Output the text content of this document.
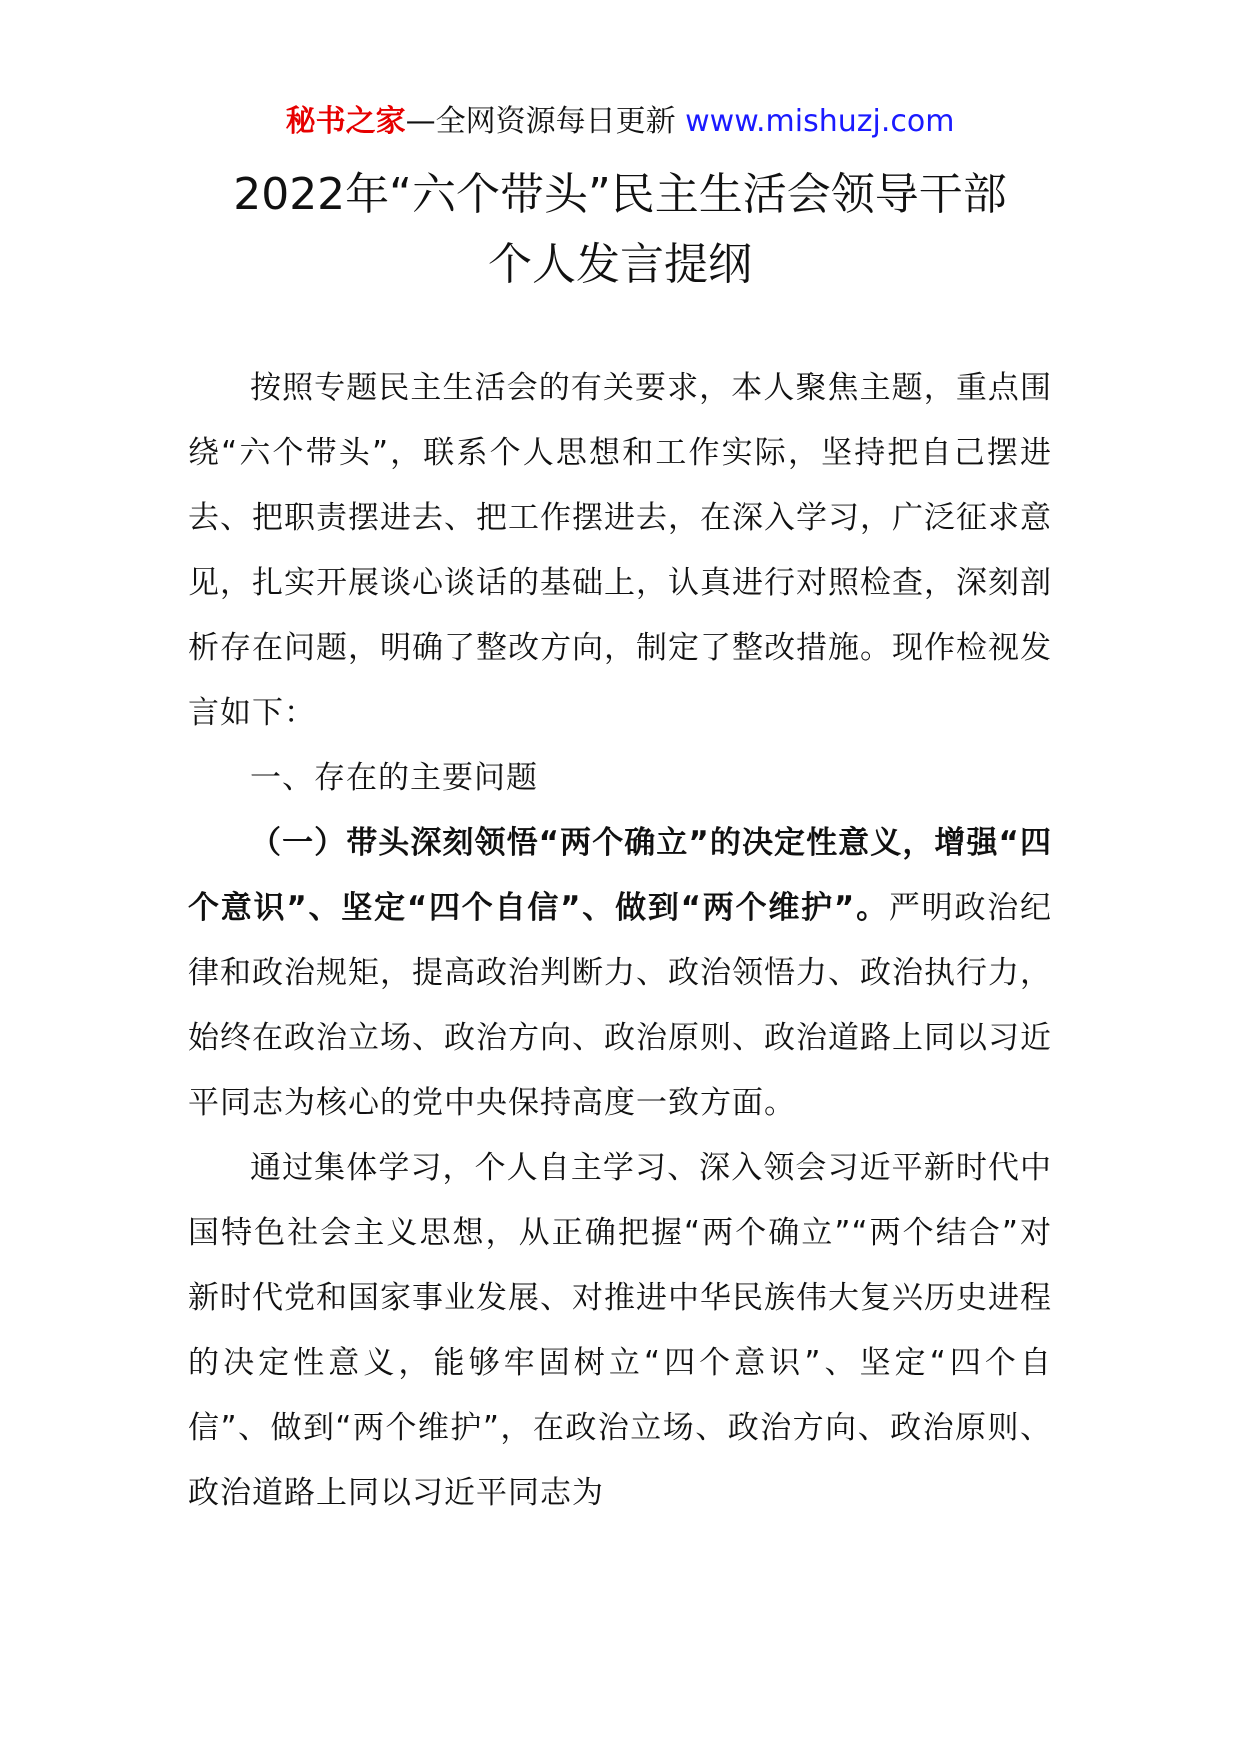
秘书之家—全网资源每日更新 www.mishuzj.com
2022年“六个带头”民主生活会领导干部
个人发言提纲

按照专题民主生活会的有关要求，本人聚焦主题，重点围绕“六个带头”，联系个人思想和工作实际，坚持把自己摆进去、把职责摆进去、把工作摆进去，在深入学习，广泛征求意见，扎实开展谈心谈话的基础上，认真进行对照检查，深刻剖析存在问题，明确了整改方向，制定了整改措施。现作检视发言如下：

一、存在的主要问题

（一）带头深刻领悟“两个确立”的决定性意义，增强“四个意识”、坚定“四个自信”、做到“两个维护”。严明政治纪律和政治规矩，提高政治判断力、政治领悟力、政治执行力，始终在政治立场、政治方向、政治原则、政治道路上同以习近平同志为核心的党中央保持高度一致方面。

通过集体学习，个人自主学习、深入领会习近平新时代中国特色社会主义思想，从正确把握“两个确立”“两个结合”对新时代党和国家事业发展、对推进中华民族伟大复兴历史进程的决定性意义，能够牢固树立“四个意识”、坚定“四个自信”、做到“两个维护”，在政治立场、政治方向、政治原则、政治道路上同以习近平同志为
